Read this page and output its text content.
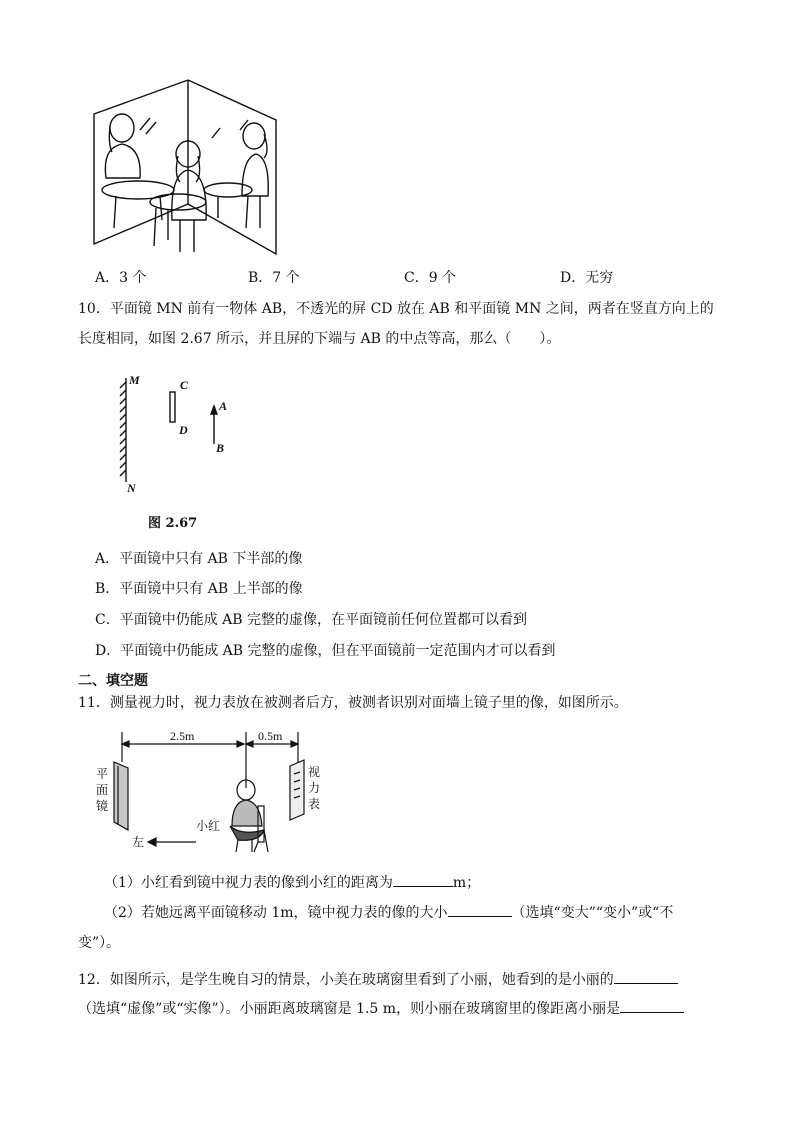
A．3 个	B．7 个	C．9 个	D．无穷
10．平面镜 MN 前有一物体 AB，不透光的屏 CD 放在 AB 和平面镜 MN 之间，两者在竖直方向上的
长度相同，如图 2.67 所示，并且屏的下端与 AB 的中点等高，那么（　　）。
M
N
C
D
A
B
图 2.67
A．平面镜中只有 AB 下半部的像
B．平面镜中只有 AB 上半部的像
C．平面镜中仍能成 AB 完整的虚像，在平面镜前任何位置都可以看到
D．平面镜中仍能成 AB 完整的虚像，但在平面镜前一定范围内才可以看到
二、填空题
11．测量视力时，视力表放在被测者后方，被测者识别对面墙上镜子里的像，如图所示。
2.5m	0.5m
平
面
镜
视
力
表
小红
左
（1）小红看到镜中视力表的像到小红的距离为	m；
（2）若她远离平面镜移动 1m，镜中视力表的像的大小	（选填“变大”“变小”或“不
变”）。
12．如图所示，是学生晚自习的情景，小美在玻璃窗里看到了小丽，她看到的是小丽的
（选填“虚像”或“实像”）。小丽距离玻璃窗是 1.5 m，则小丽在玻璃窗里的像距离小丽是
